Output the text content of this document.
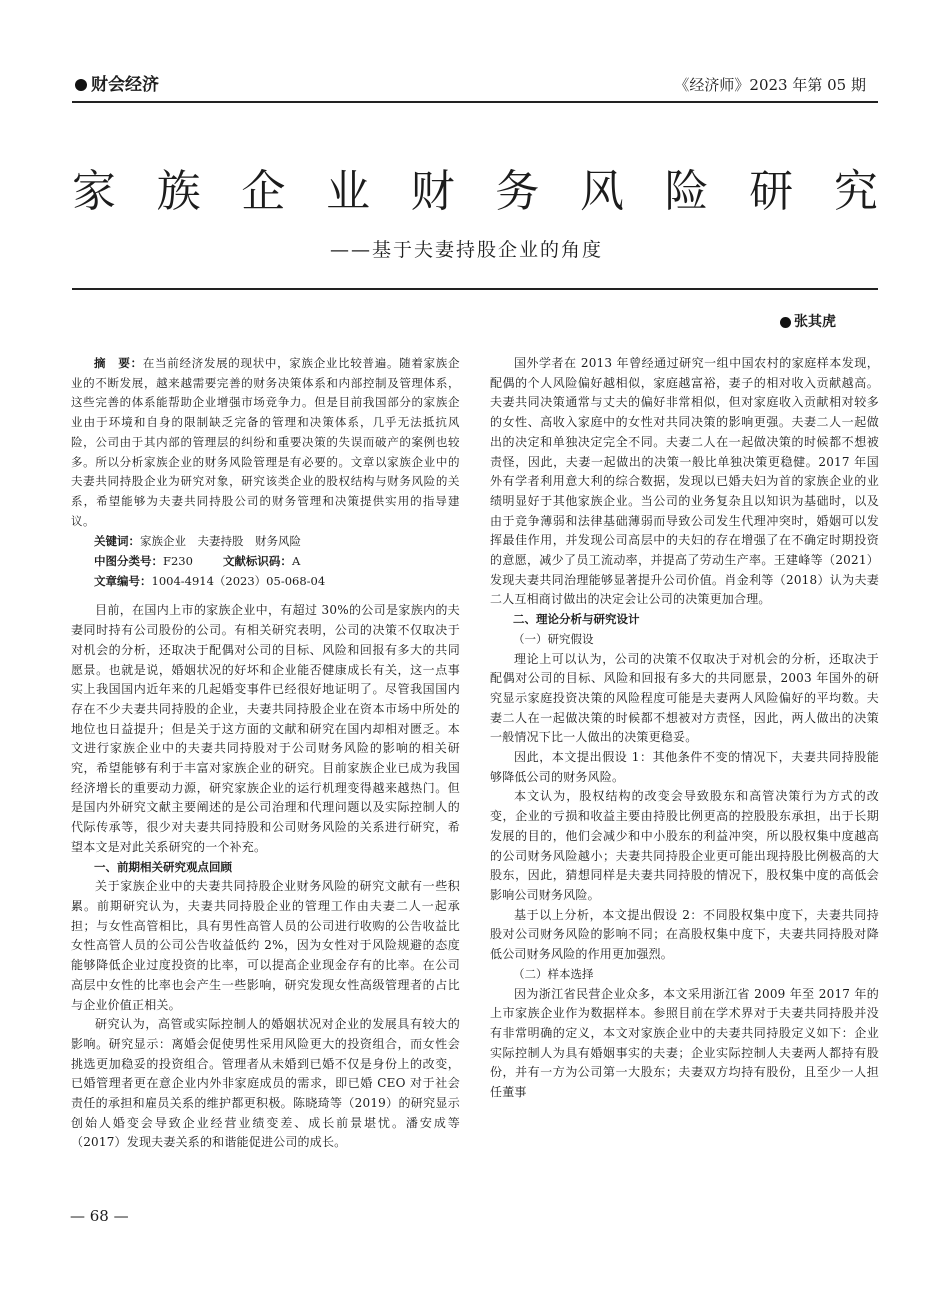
财会经济	《经济师》2023 年第 05 期
家 族 企 业 财 务 风 险 研 究
——基于夫妻持股企业的角度
张其虎

摘　要：在当前经济发展的现状中，家族企业比较普遍。随着家族企业的不断发展，越来越需要完善的财务决策体系和内部控制及管理体系，这些完善的体系能帮助企业增强市场竞争力。但是目前我国部分的家族企业由于环境和自身的限制缺乏完备的管理和决策体系，几乎无法抵抗风险，公司由于其内部的管理层的纠纷和重要决策的失误而破产的案例也较多。所以分析家族企业的财务风险管理是有必要的。文章以家族企业中的夫妻共同持股企业为研究对象，研究该类企业的股权结构与财务风险的关系，希望能够为夫妻共同持股公司的财务管理和决策提供实用的指导建议。

关键词：家族企业　夫妻持股　财务风险

中图分类号：F230	文献标识码：A

文章编号：1004-4914（2023）05-068-04

目前，在国内上市的家族企业中，有超过 30%的公司是家族内的夫妻同时持有公司股份的公司。有相关研究表明，公司的决策不仅取决于对机会的分析，还取决于配偶对公司的目标、风险和回报有多大的共同愿景。也就是说，婚姻状况的好坏和企业能否健康成长有关，这一点事实上我国国内近年来的几起婚变事件已经很好地证明了。尽管我国国内存在不少夫妻共同持股的企业，夫妻共同持股企业在资本市场中所处的地位也日益提升；但是关于这方面的文献和研究在国内却相对匮乏。本文进行家族企业中的夫妻共同持股对于公司财务风险的影响的相关研究，希望能够有利于丰富对家族企业的研究。目前家族企业已成为我国经济增长的重要动力源，研究家族企业的运行机理变得越来越热门。但是国内外研究文献主要阐述的是公司治理和代理问题以及实际控制人的代际传承等，很少对夫妻共同持股和公司财务风险的关系进行研究，希望本文是对此关系研究的一个补充。

一、前期相关研究观点回顾

关于家族企业中的夫妻共同持股企业财务风险的研究文献有一些积累。前期研究认为，夫妻共同持股企业的管理工作由夫妻二人一起承担；与女性高管相比，具有男性高管人员的公司进行收购的公告收益比女性高管人员的公司公告收益低约 2%，因为女性对于风险规避的态度能够降低企业过度投资的比率，可以提高企业现金存有的比率。在公司高层中女性的比率也会产生一些影响，研究发现女性高级管理者的占比与企业价值正相关。

研究认为，高管或实际控制人的婚姻状况对企业的发展具有较大的影响。研究显示：离婚会促使男性采用风险更大的投资组合，而女性会挑选更加稳妥的投资组合。管理者从未婚到已婚不仅是身份上的改变，已婚管理者更在意企业内外非家庭成员的需求，即已婚 CEO 对于社会责任的承担和雇员关系的维护都更积极。陈晓琦等（2019）的研究显示创始人婚变会导致企业经营业绩变差、成长前景堪忧。潘安成等（2017）发现夫妻关系的和谐能促进公司的成长。

国外学者在 2013 年曾经通过研究一组中国农村的家庭样本发现，配偶的个人风险偏好越相似，家庭越富裕，妻子的相对收入贡献越高。夫妻共同决策通常与丈夫的偏好非常相似，但对家庭收入贡献相对较多的女性、高收入家庭中的女性对共同决策的影响更强。夫妻二人一起做出的决定和单独决定完全不同。夫妻二人在一起做决策的时候都不想被责怪，因此，夫妻一起做出的决策一般比单独决策更稳健。2017 年国外有学者利用意大利的综合数据，发现以已婚夫妇为首的家族企业的业绩明显好于其他家族企业。当公司的业务复杂且以知识为基础时，以及由于竞争薄弱和法律基础薄弱而导致公司发生代理冲突时，婚姻可以发挥最佳作用，并发现公司高层中的夫妇的存在增强了在不确定时期投资的意愿，减少了员工流动率，并提高了劳动生产率。王建峰等（2021）发现夫妻共同治理能够显著提升公司价值。肖金利等（2018）认为夫妻二人互相商讨做出的决定会让公司的决策更加合理。

二、理论分析与研究设计

（一）研究假设

理论上可以认为，公司的决策不仅取决于对机会的分析，还取决于配偶对公司的目标、风险和回报有多大的共同愿景，2003 年国外的研究显示家庭投资决策的风险程度可能是夫妻两人风险偏好的平均数。夫妻二人在一起做决策的时候都不想被对方责怪，因此，两人做出的决策一般情况下比一人做出的决策更稳妥。

因此，本文提出假设 1：其他条件不变的情况下，夫妻共同持股能够降低公司的财务风险。

本文认为，股权结构的改变会导致股东和高管决策行为方式的改变，企业的亏损和收益主要由持股比例更高的控股股东承担，出于长期发展的目的，他们会减少和中小股东的利益冲突，所以股权集中度越高的公司财务风险越小；夫妻共同持股企业更可能出现持股比例极高的大股东，因此，猜想同样是夫妻共同持股的情况下，股权集中度的高低会影响公司财务风险。

基于以上分析，本文提出假设 2：不同股权集中度下，夫妻共同持股对公司财务风险的影响不同；在高股权集中度下，夫妻共同持股对降低公司财务风险的作用更加强烈。

（二）样本选择

因为浙江省民营企业众多，本文采用浙江省 2009 年至 2017 年的上市家族企业作为数据样本。参照目前在学术界对于夫妻共同持股并没有非常明确的定义，本文对家族企业中的夫妻共同持股定义如下：企业实际控制人为具有婚姻事实的夫妻；企业实际控制人夫妻两人都持有股份，并有一方为公司第一大股东；夫妻双方均持有股份，且至少一人担任董事

— 68 —
